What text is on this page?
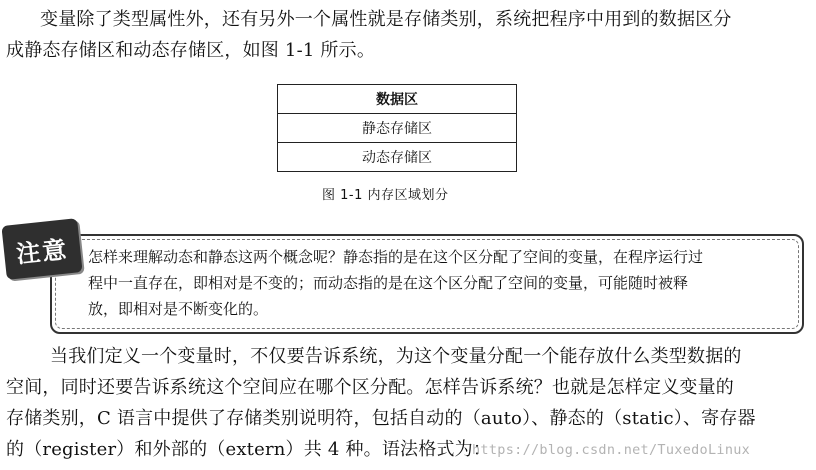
变量除了类型属性外，还有另外一个属性就是存储类别，系统把程序中用到的数据区分
成静态存储区和动态存储区，如图 1-1 所示。

数据区
静态存储区
动态存储区
图 1-1 内存区域划分

怎样来理解动态和静态这两个概念呢？静态指的是在这个区分配了空间的变量，在程序运行过
程中一直存在，即相对是不变的；而动态指的是在这个区分配了空间的变量，可能随时被释
放，即相对是不断变化的。

注意

当我们定义一个变量时，不仅要告诉系统，为这个变量分配一个能存放什么类型数据的
空间，同时还要告诉系统这个空间应在哪个区分配。怎样告诉系统？也就是怎样定义变量的
存储类别，C 语言中提供了存储类别说明符，包括自动的（auto）、静态的（static）、寄存器
的（register）和外部的（extern）共 4 种。语法格式为：

https://blog.csdn.net/TuxedoLinux
